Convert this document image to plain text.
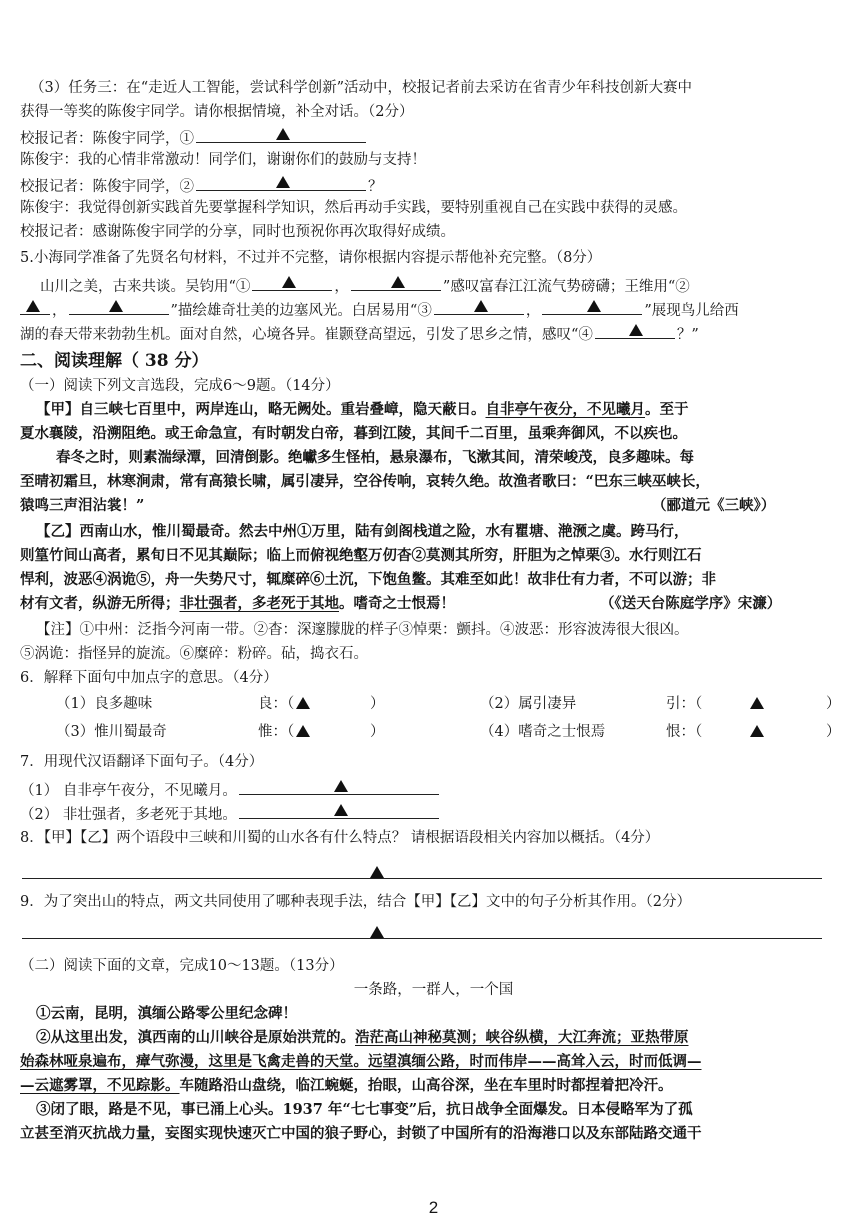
（3）任务三：在“走近人工智能，尝试科学创新”活动中，校报记者前去采访在省青少年科技创新大赛中
获得一等奖的陈俊宇同学。请你根据情境，补全对话。（2分）
校报记者：陈俊宇同学，①
陈俊宇：我的心情非常激动！同学们，谢谢你们的鼓励与支持！
校报记者：陈俊宇同学，②	？
陈俊宇：我觉得创新实践首先要掌握科学知识，然后再动手实践，要特别重视自己在实践中获得的灵感。
校报记者：感谢陈俊宇同学的分享，同时也预祝你再次取得好成绩。
5.小海同学准备了先贤名句材料，不过并不完整，请你根据内容提示帮他补充完整。（8分）
山川之美，古来共谈。吴钧用“①	，	”感叹富春江江流气势磅礴；王维用“②
，	”描绘雄奇壮美的边塞风光。白居易用“③	，	”展现鸟儿给西
湖的春天带来勃勃生机。面对自然，心境各异。崔颢登高望远，引发了思乡之情，感叹“④	？”
二、阅读理解（ 38 分）
（一）阅读下列文言选段，完成6～9题。（14分）
【甲】自三峡七百里中，两岸连山，略无阙处。重岩叠嶂，隐天蔽日。自非亭午夜分，不见曦月。至于
夏水襄陵，沿溯阻绝。或王命急宣，有时朝发白帝，暮到江陵，其间千二百里，虽乘奔御风，不以疾也。
春冬之时，则素湍绿潭，回清倒影。绝巘多生怪柏，悬泉瀑布，飞漱其间，清荣峻茂，良多趣味。每
至晴初霜旦，林寒涧肃，常有高猿长啸，属引凄异，空谷传响，哀转久绝。故渔者歌曰：“巴东三峡巫峡长，
猿鸣三声泪沾裳！”	（郦道元《三峡》）
【乙】西南山水，惟川蜀最奇。然去中州①万里，陆有剑阁栈道之险，水有瞿塘、滟滪之虞。跨马行，
则篁竹间山高者，累旬日不见其巅际；临上而俯视绝壑万仞杳②莫测其所穷，肝胆为之悼栗③。水行则江石
悍利，波恶④涡诡⑤，舟一失势尺寸，辄糜碎⑥土沉，下饱鱼鳖。其难至如此！故非仕有力者，不可以游；非
材有文者，纵游无所得；非壮强者，多老死于其地。嗜奇之士恨焉！	（《送天台陈庭学序》宋濂）
【注】①中州：泛指今河南一带。②杳：深邃朦胧的样子③悼栗：颤抖。④波恶：形容波涛很大很凶。
⑤涡诡：指怪异的旋流。⑥糜碎：粉碎。砧，捣衣石。
6．解释下面句中加点字的意思。（4分）
（1）良多趣味	良：（	）	（2）属引凄异	引：（	）
（3）惟川蜀最奇	惟：（	）	（4）嗜奇之士恨焉	恨：（	）
7．用现代汉语翻译下面句子。（4分）
（1） 自非亭午夜分，不见曦月。
（2） 非壮强者，多老死于其地。
8．【甲】【乙】两个语段中三峡和川蜀的山水各有什么特点？ 请根据语段相关内容加以概括。（4分）
9．为了突出山的特点，两文共同使用了哪种表现手法，结合【甲】【乙】文中的句子分析其作用。（2分）
（二）阅读下面的文章，完成10～13题。（13分）
一条路，一群人，一个国
①云南，昆明，滇缅公路零公里纪念碑！
②从这里出发，滇西南的山川峡谷是原始洪荒的。浩茫高山神秘莫测；峡谷纵横，大江奔流；亚热带原
始森林哑泉遍布，瘴气弥漫，这里是飞禽走兽的天堂。远望滇缅公路，时而伟岸——高耸入云，时而低调—
—云遮雾罩，不见踪影。车随路沿山盘绕，临江蜿蜒，抬眼，山高谷深，坐在车里时时都捏着把冷汗。
③闭了眼，路是不见，事已涌上心头。1937 年“七七事变”后，抗日战争全面爆发。日本侵略军为了孤
立甚至消灭抗战力量，妄图实现快速灭亡中国的狼子野心，封锁了中国所有的沿海港口以及东部陆路交通干
2
